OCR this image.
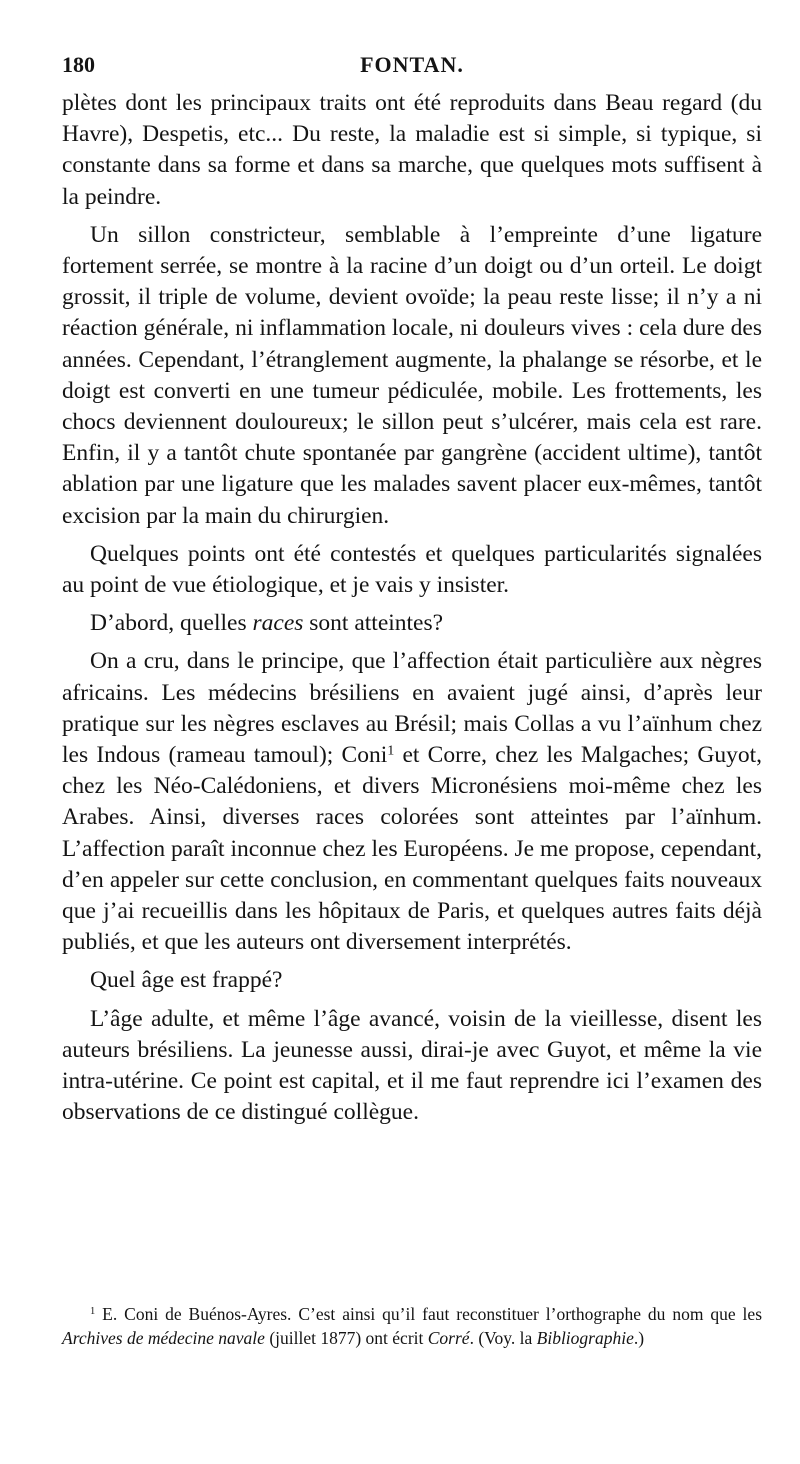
180	FONTAN.

plètes dont les principaux traits ont été reproduits dans Beau regard (du Havre), Despetis, etc... Du reste, la maladie est si simple, si typique, si constante dans sa forme et dans sa marche, que quelques mots suffisent à la peindre.

Un sillon constricteur, semblable à l’empreinte d’une ligature fortement serrée, se montre à la racine d’un doigt ou d’un orteil. Le doigt grossit, il triple de volume, devient ovoïde; la peau reste lisse; il n’y a ni réaction générale, ni inflammation locale, ni douleurs vives : cela dure des années. Cependant, l’étranglement augmente, la phalange se résorbe, et le doigt est converti en une tumeur pédiculée, mobile. Les frottements, les chocs deviennent douloureux; le sillon peut s’ulcérer, mais cela est rare. Enfin, il y a tantôt chute spontanée par gangrène (accident ultime), tantôt ablation par une ligature que les malades savent placer eux-mêmes, tantôt excision par la main du chirurgien.

Quelques points ont été contestés et quelques particularités signalées au point de vue étiologique, et je vais y insister.

D’abord, quelles races sont atteintes?

On a cru, dans le principe, que l’affection était particulière aux nègres africains. Les médecins brésiliens en avaient jugé ainsi, d’après leur pratique sur les nègres esclaves au Brésil; mais Collas a vu l’aïnhum chez les Indous (rameau tamoul); Coni$^1$ et Corre, chez les Malgaches; Guyot, chez les Néo-Calédoniens, et divers Micronésiens moi-même chez les Arabes. Ainsi, diverses races colorées sont atteintes par l’aïnhum. L’affection paraît inconnue chez les Européens. Je me propose, cependant, d’en appeler sur cette conclusion, en commentant quelques faits nouveaux que j’ai recueillis dans les hôpitaux de Paris, et quelques autres faits déjà publiés, et que les auteurs ont diversement interprétés.

Quel âge est frappé?

L’âge adulte, et même l’âge avancé, voisin de la vieillesse, disent les auteurs brésiliens. La jeunesse aussi, dirai-je avec Guyot, et même la vie intra-utérine. Ce point est capital, et il me faut reprendre ici l’examen des observations de ce distingué collègue.

$^1$ E. Coni de Buénos-Ayres. C’est ainsi qu’il faut reconstituer l’orthographe du nom que les Archives de médecine navale (juillet 1877) ont écrit Corré. (Voy. la Bibliographie.)
